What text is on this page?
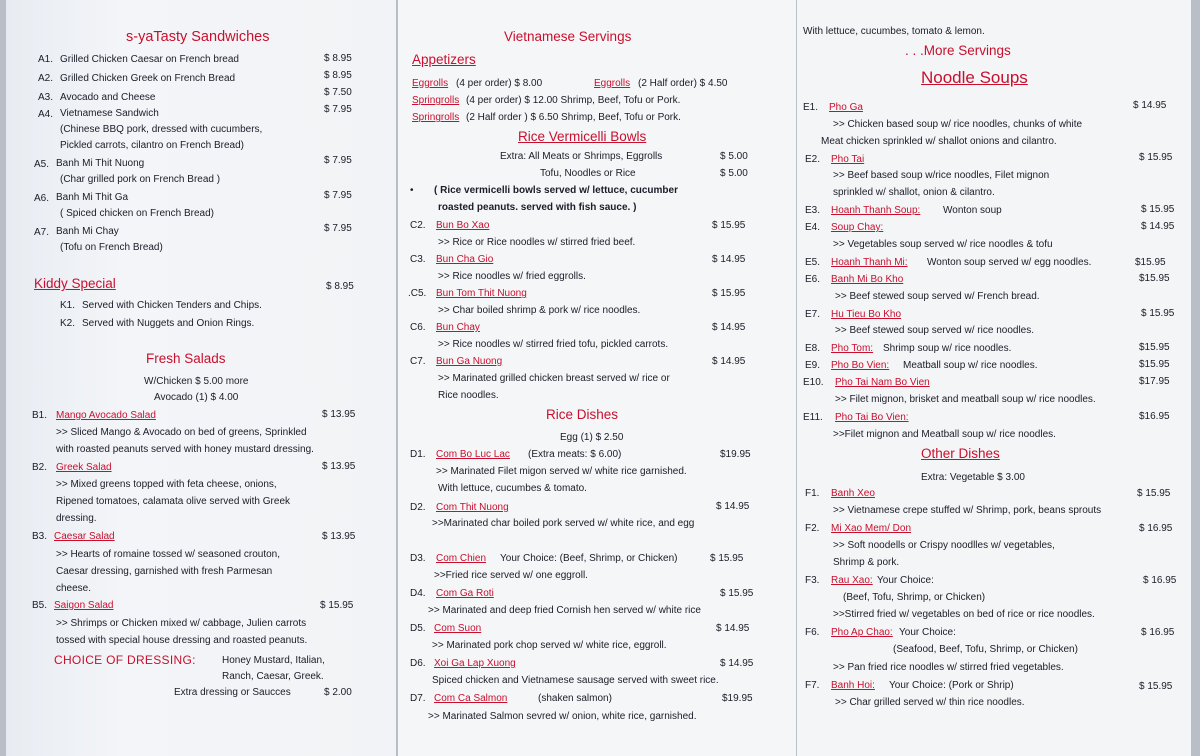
s-yaTasty Sandwiches
A1. Grilled Chicken Caesar on French bread	$ 8.95
A2. Grilled Chicken Greek on French Bread	$ 8.95
A3. Avocado and Cheese	$ 7.50
A4. Vietnamese Sandwich	$ 7.95
(Chinese BBQ pork, dressed with cucumbers,
Pickled carrots, cilantro on French Bread)
A5. Banh Mi Thit Nuong	$ 7.95
(Char grilled pork on French Bread )
A6. Banh Mi Thit Ga	$ 7.95
( Spiced chicken on French Bread)
A7. Banh Mi Chay	$ 7.95
(Tofu on French Bread)
Kiddy Special	$ 8.95
K1. Served with Chicken Tenders and Chips.
K2. Served with Nuggets and Onion Rings.
Fresh Salads
W/Chicken $ 5.00 more
Avocado (1) $ 4.00
B1. Mango Avocado Salad	$ 13.95
>> Sliced Mango & Avocado on bed of greens, Sprinkled
with roasted peanuts served with honey mustard dressing.
B2. Greek Salad	$ 13.95
>> Mixed greens topped with feta cheese, onions,
Ripened tomatoes, calamata olive served with Greek
dressing.
B3. Caesar Salad	$ 13.95
>> Hearts of romaine tossed w/ seasoned crouton,
Caesar dressing, garnished with fresh Parmesan
cheese.
B5. Saigon Salad	$ 15.95
>> Shrimps or Chicken mixed w/ cabbage, Julien carrots
tossed with special house dressing and roasted peanuts.
CHOICE OF DRESSING:	Honey Mustard, Italian,
Ranch, Caesar, Greek.
Extra dressing or Saucces	$ 2.00
Vietnamese Servings
Appetizers
Eggrolls (4 per order) $ 8.00	Eggrolls (2 Half order) $ 4.50
Springrolls (4 per order) $ 12.00 Shrimp, Beef, Tofu or Pork.
Springrolls (2 Half order ) $ 6.50 Shrimp, Beef, Tofu or Pork.
Rice Vermicelli Bowls
Extra: All Meats or Shrimps, Eggrolls	$ 5.00
Tofu, Noodles or Rice	$ 5.00
• ( Rice vermicelli bowls served w/ lettuce, cucumber
roasted peanuts. served with fish sauce. )
C2. Bun Bo Xao	$ 15.95
>> Rice or Rice noodles w/ stirred fried beef.
C3. Bun Cha Gio	$ 14.95
>> Rice noodles w/ fried eggrolls.
.C5. Bun Tom Thit Nuong	$ 15.95
>> Char boiled shrimp & pork w/ rice noodles.
C6. Bun Chay	$ 14.95
>> Rice noodles w/ stirred fried tofu, pickled carrots.
C7. Bun Ga Nuong	$ 14.95
>> Marinated grilled chicken breast served w/ rice or
Rice noodles.
Rice Dishes
Egg (1) $ 2.50
D1. Com Bo Luc Lac (Extra meats: $ 6.00)	$19.95
>> Marinated Filet migon served w/ white rice garnished.
With lettuce, cucumbes & tomato.
D2. Com Thit Nuong	$ 14.95
>>Marinated char boiled pork served w/ white rice, and egg
D3. Com Chien Your Choice: (Beef, Shrimp, or Chicken)	$ 15.95
>>Fried rice served w/ one eggroll.
D4. Com Ga Roti	$ 15.95
>> Marinated and deep fried Cornish hen served w/ white rice
D5. Com Suon	$ 14.95
>> Marinated pork chop served w/ white rice, eggroll.
D6. Xoi Ga Lap Xuong	$ 14.95
Spiced chicken and Vietnamese sausage served with sweet rice.
D7. Com Ca Salmon	(shaken salmon)	$19.95
>> Marinated Salmon sevred w/ onion, white rice, garnished.
With lettuce, cucumbes, tomato & lemon.
. . .More Servings
Noodle Soups
E1. Pho Ga	$ 14.95
>> Chicken based soup w/ rice noodles, chunks of white
Meat chicken sprinkled w/ shallot onions and cilantro.
E2. Pho Tai	$ 15.95
>> Beef based soup w/rice noodles, Filet mignon
sprinkled w/ shallot, onion & cilantro.
E3. Hoanh Thanh Soup: Wonton soup	$ 15.95
E4. Soup Chay:	$ 14.95
>> Vegetables soup served w/ rice noodles & tofu
E5. Hoanh Thanh Mi: Wonton soup served w/ egg noodles.	$15.95
E6. Banh Mi Bo Kho	$15.95
>> Beef stewed soup served w/ French bread.
E7. Hu Tieu Bo Kho	$ 15.95
>> Beef stewed soup served w/ rice noodles.
E8. Pho Tom: Shrimp soup w/ rice noodles.	$15.95
E9. Pho Bo Vien: Meatball soup w/ rice noodles.	$15.95
E10. Pho Tai Nam Bo Vien	$17.95
>> Filet mignon, brisket and meatball soup w/ rice noodles.
E11. Pho Tai Bo Vien:	$16.95
>>Filet mignon and Meatball soup w/ rice noodles.
Other Dishes
Extra: Vegetable $ 3.00
F1. Banh Xeo	$ 15.95
>> Vietnamese crepe stuffed w/ Shrimp, pork, beans sprouts
F2. Mi Xao Mem/ Don	$ 16.95
>> Soft noodells or Crispy noodlles w/ vegetables,
Shrimp & pork.
F3. Rau Xao: Your Choice:	$ 16.95
(Beef, Tofu, Shrimp, or Chicken)
>>Stirred fried w/ vegetables on bed of rice or rice noodles.
F6. Pho Ap Chao: Your Choice:	$ 16.95
(Seafood, Beef, Tofu, Shrimp, or Chicken)
>> Pan fried rice noodles w/ stirred fried vegetables.
F7. Banh Hoi: Your Choice: (Pork or Shrip)	$ 15.95
>> Char grilled served w/ thin rice noodles.
